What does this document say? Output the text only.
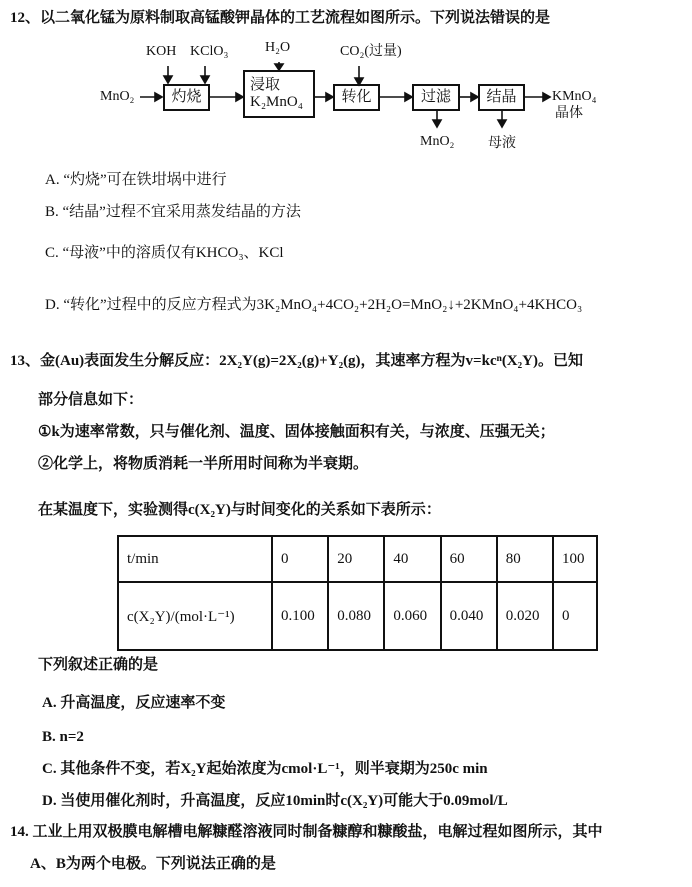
12、以二氧化锰为原料制取高锰酸钾晶体的工艺流程如图所示。下列说法错误的是
MnO₂
KOH KClO₃	H₂O	CO₂(过量)
灼烧
浸取
K₂MnO₄	转化	过滤 结晶	KMnO₄
晶体
MnO₂ 母液
A. “灼烧”可在铁坩埚中进行
B. “结晶”过程不宜采用蒸发结晶的方法
C. “母液”中的溶质仅有KHCO₃、KCl
D. “转化”过程中的反应方程式为3K₂MnO₄+4CO₂+2H₂O=MnO₂↓+2KMnO₄+4KHCO₃
13、金(Au)表面发生分解反应：2X₂Y(g)=2X₂(g)+Y₂(g)，其速率方程为v=kcⁿ(X₂Y)。已知
部分信息如下：
①k为速率常数，只与催化剂、温度、固体接触面积有关，与浓度、压强无关；
②化学上，将物质消耗一半所用时间称为半衰期。
在某温度下，实验测得c(X₂Y)与时间变化的关系如下表所示：
t/min	0	20	40	60	80	100
c(X₂Y)/(mol·L⁻¹)	0.100	0.080	0.060	0.040	0.020	0
下列叙述正确的是
A. 升高温度，反应速率不变
B. n=2
C. 其他条件不变，若X₂Y起始浓度为cmol·L⁻¹，则半衰期为250c min
D. 当使用催化剂时，升高温度，反应10min时c(X₂Y)可能大于0.09mol/L
14. 工业上用双极膜电解槽电解糠醛溶液同时制备糠醇和糠酸盐，电解过程如图所示，其中
A、B为两个电极。下列说法正确的是
